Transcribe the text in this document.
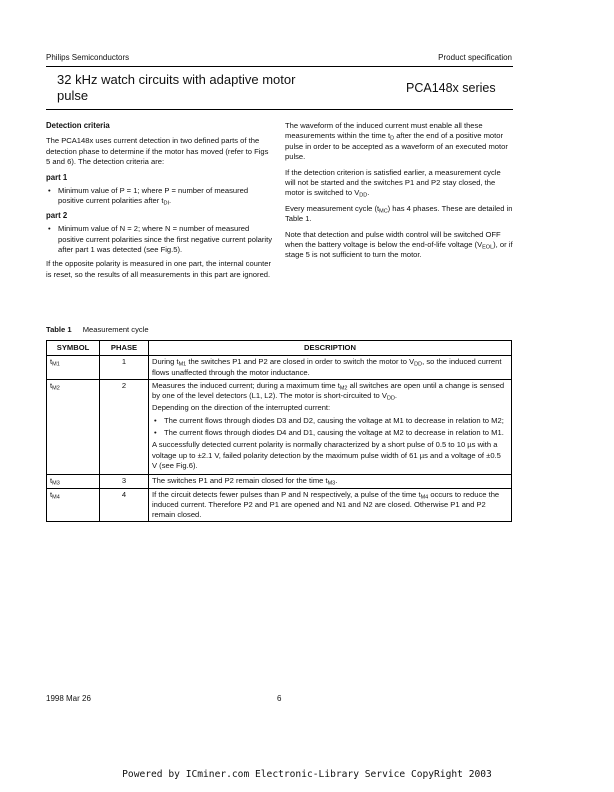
Philips Semiconductors	Product specification
32 kHz watch circuits with adaptive motor pulse	PCA148x series
Detection criteria

The PCA148x uses current detection in two defined parts of the detection phase to determine if the motor has moved (refer to Figs 5 and 6). The detection criteria are:

part 1
• Minimum value of P = 1; where P = number of measured positive current polarities after $t_{DI}$.
part 2
• Minimum value of N = 2; where N = number of measured positive current polarities since the first negative current polarity after part 1 was detected (see Fig.5).

If the opposite polarity is measured in one part, the internal counter is reset, so the results of all measurements in this part are ignored.

The waveform of the induced current must enable all these measurements within the time $t_D$ after the end of a positive motor pulse in order to be accepted as a waveform of an executed motor pulse.

If the detection criterion is satisfied earlier, a measurement cycle will not be started and the switches P1 and P2 stay closed, the motor is switched to $V_{DD}$.

Every measurement cycle $(t_{MC})$ has 4 phases. These are detailed in Table 1.

Note that detection and pulse width control will be switched OFF when the battery voltage is below the end-of-life voltage $(V_{EOL})$, or if stage 5 is not sufficient to turn the motor.

Table 1 Measurement cycle
SYMBOL	PHASE	DESCRIPTION
$t_{M1}$	1	During $t_{M1}$ the switches P1 and P2 are closed in order to switch the motor to $V_{DD}$, so the induced current flows unaffected through the motor inductance.
$t_{M2}$	2	Measures the induced current; during a maximum time $t_{M2}$ all switches are open until a change is sensed by one of the level detectors (L1, L2). The motor is short-circuited to $V_{DD}$.

Depending on the direction of the interrupted current:

• The current flows through diodes D3 and D2, causing the voltage at M1 to decrease in relation to M2;
• The current flows through diodes D4 and D1, causing the voltage at M2 to decrease in relation to M1.

A successfully detected current polarity is normally characterized by a short pulse of 0.5 to 10 µs with a voltage up to ±2.1 V, failed polarity detection by the maximum pulse width of 61 µs and a voltage of ±0.5 V (see Fig.6).

$t_{M3}$	3	The switches P1 and P2 remain closed for the time $t_{M3}$.
$t_{M4}$	4	If the circuit detects fewer pulses than P and N respectively, a pulse of the time $t_{M4}$ occurs to reduce the induced current. Therefore P2 and P1 are opened and N1 and N2 are closed. Otherwise P1 and P2 remain closed.
1998 Mar 26	6
Powered by ICminer.com Electronic-Library Service CopyRight 2003
